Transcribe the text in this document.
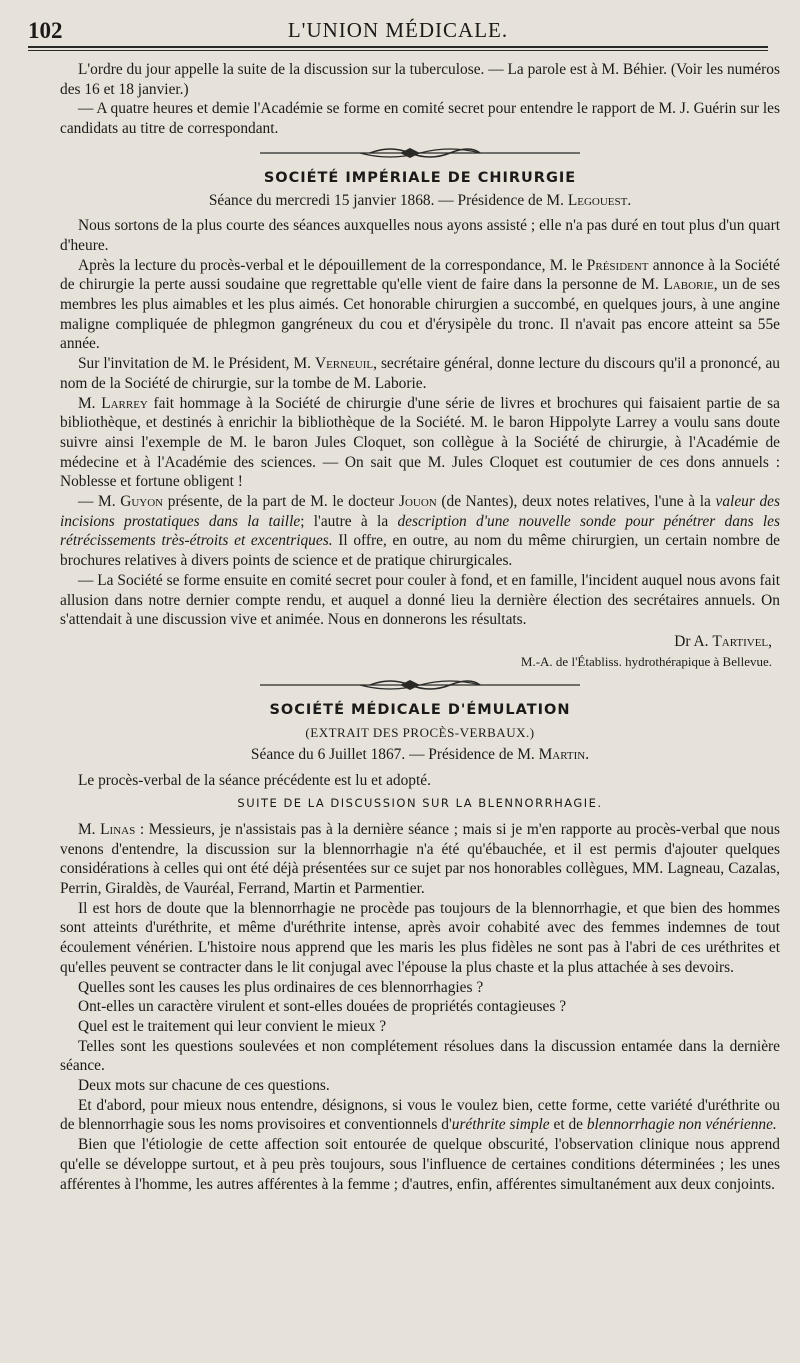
102	L'UNION MÉDICALE.

L'ordre du jour appelle la suite de la discussion sur la tuberculose. — La parole est à M. Béhier. (Voir les numéros des 16 et 18 janvier.)

— A quatre heures et demie l'Académie se forme en comité secret pour entendre le rapport de M. J. Guérin sur les candidats au titre de correspondant.

SOCIÉTÉ IMPÉRIALE DE CHIRURGIE

Séance du mercredi 15 janvier 1868. — Présidence de M. Legouest.

Nous sortons de la plus courte des séances auxquelles nous ayons assisté ; elle n'a pas duré en tout plus d'un quart d'heure.

Après la lecture du procès-verbal et le dépouillement de la correspondance, M. le Président annonce à la Société de chirurgie la perte aussi soudaine que regrettable qu'elle vient de faire dans la personne de M. Laborie, un de ses membres les plus aimables et les plus aimés. Cet honorable chirurgien a succombé, en quelques jours, à une angine maligne compliquée de phlegmon gangréneux du cou et d'érysipèle du tronc. Il n'avait pas encore atteint sa 55e année.

Sur l'invitation de M. le Président, M. Verneuil, secrétaire général, donne lecture du discours qu'il a prononcé, au nom de la Société de chirurgie, sur la tombe de M. Laborie.

M. Larrey fait hommage à la Société de chirurgie d'une série de livres et brochures qui faisaient partie de sa bibliothèque, et destinés à enrichir la bibliothèque de la Société. M. le baron Hippolyte Larrey a voulu sans doute suivre ainsi l'exemple de M. le baron Jules Cloquet, son collègue à la Société de chirurgie, à l'Académie de médecine et à l'Académie des sciences. — On sait que M. Jules Cloquet est coutumier de ces dons annuels : Noblesse et fortune obligent !

— M. Guyon présente, de la part de M. le docteur Jouon (de Nantes), deux notes relatives, l'une à la valeur des incisions prostatiques dans la taille; l'autre à la description d'une nouvelle sonde pour pénétrer dans les rétrécissements très-étroits et excentriques. Il offre, en outre, au nom du même chirurgien, un certain nombre de brochures relatives à divers points de science et de pratique chirurgicales.

— La Société se forme ensuite en comité secret pour couler à fond, et en famille, l'incident auquel nous avons fait allusion dans notre dernier compte rendu, et auquel a donné lieu la dernière élection des secrétaires annuels. On s'attendait à une discussion vive et animée. Nous en donnerons les résultats.

Dr A. Tartivel,

M.-A. de l'Établiss. hydrothérapique à Bellevue.

SOCIÉTÉ MÉDICALE D'ÉMULATION

(EXTRAIT DES PROCÈS-VERBAUX.)

Séance du 6 Juillet 1867. — Présidence de M. Martin.

Le procès-verbal de la séance précédente est lu et adopté.

SUITE DE LA DISCUSSION SUR LA BLENNORRHAGIE.

M. Linas : Messieurs, je n'assistais pas à la dernière séance ; mais si je m'en rapporte au procès-verbal que nous venons d'entendre, la discussion sur la blennorrhagie n'a été qu'ébauchée, et il est permis d'ajouter quelques considérations à celles qui ont été déjà présentées sur ce sujet par nos honorables collègues, MM. Lagneau, Cazalas, Perrin, Giraldès, de Vauréal, Ferrand, Martin et Parmentier.

Il est hors de doute que la blennorrhagie ne procède pas toujours de la blennorrhagie, et que bien des hommes sont atteints d'uréthrite, et même d'uréthrite intense, après avoir cohabité avec des femmes indemnes de tout écoulement vénérien. L'histoire nous apprend que les maris les plus fidèles ne sont pas à l'abri de ces uréthrites et qu'elles peuvent se contracter dans le lit conjugal avec l'épouse la plus chaste et la plus attachée à ses devoirs.

Quelles sont les causes les plus ordinaires de ces blennorrhagies ?

Ont-elles un caractère virulent et sont-elles douées de propriétés contagieuses ?

Quel est le traitement qui leur convient le mieux ?

Telles sont les questions soulevées et non complétement résolues dans la discussion entamée dans la dernière séance.

Deux mots sur chacune de ces questions.

Et d'abord, pour mieux nous entendre, désignons, si vous le voulez bien, cette forme, cette variété d'uréthrite ou de blennorrhagie sous les noms provisoires et conventionnels d'uréthrite simple et de blennorrhagie non vénérienne.

Bien que l'étiologie de cette affection soit entourée de quelque obscurité, l'observation clinique nous apprend qu'elle se développe surtout, et à peu près toujours, sous l'influence de certaines conditions déterminées ; les unes afférentes à l'homme, les autres afférentes à la femme ; d'autres, enfin, afférentes simultanément aux deux conjoints.
